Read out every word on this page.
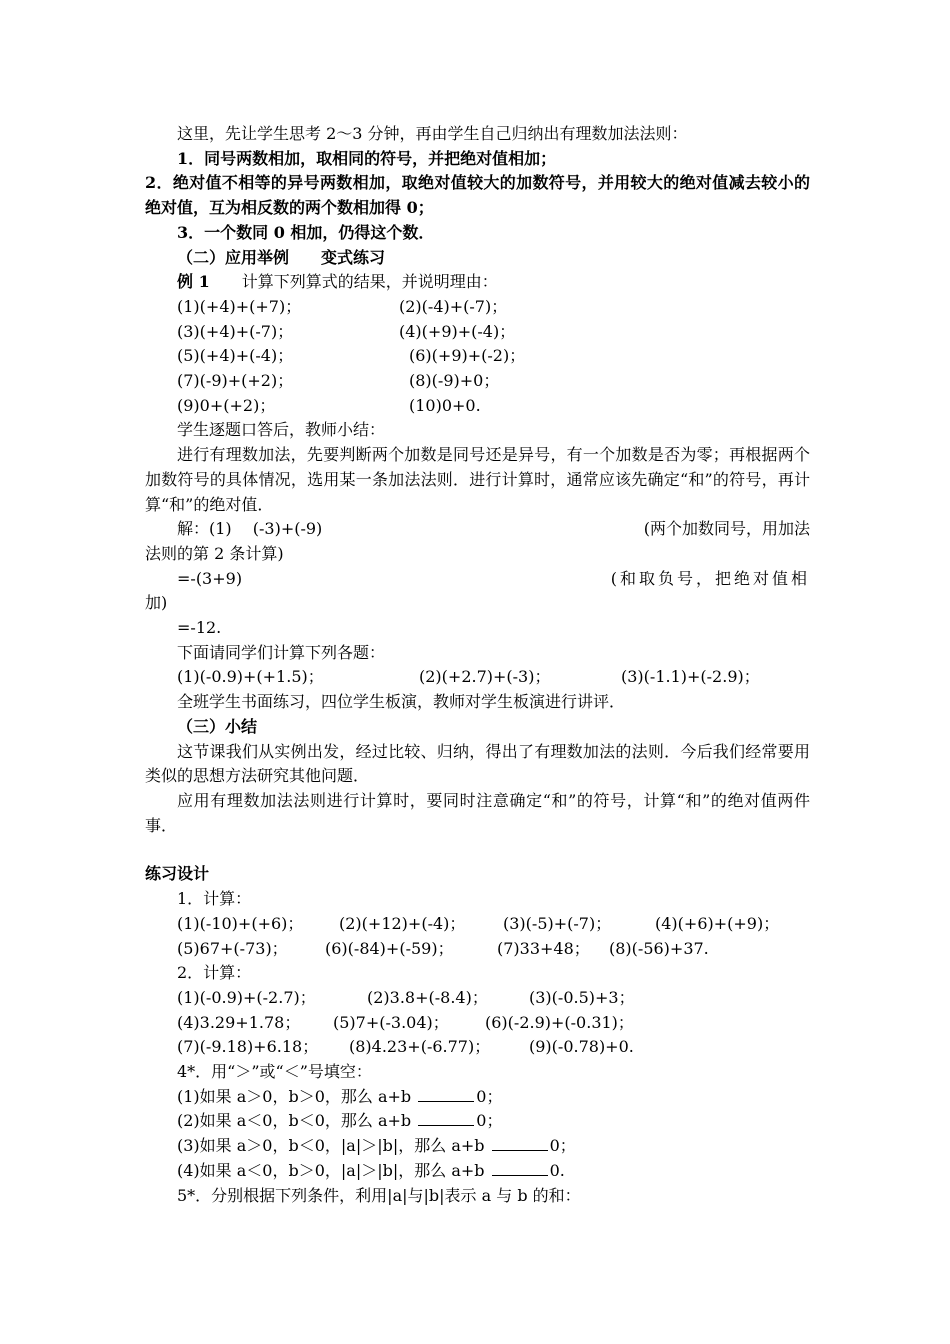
这里，先让学生思考 2～3 分钟，再由学生自己归纳出有理数加法法则：

1．同号两数相加，取相同的符号，并把绝对值相加；

2．绝对值不相等的异号两数相加，取绝对值较大的加数符号，并用较大的绝对值减去较小的绝对值，互为相反数的两个数相加得 0；

3．一个数同 0 相加，仍得这个数．

（二）应用举例　　变式练习

例 1　　 计算下列算式的结果，并说明理由：

(1)(+4)+(+7)；	(2)(-4)+(-7)；
(3)(+4)+(-7)；	(4)(+9)+(-4)；
(5)(+4)+(-4)；	(6)(+9)+(-2)；
(7)(-9)+(+2)；	(8)(-9)+0；
(9)0+(+2)；	(10)0+0.

学生逐题口答后，教师小结：

进行有理数加法，先要判断两个加数是同号还是异号，有一个加数是否为零；再根据两个加数符号的具体情况，选用某一条加法法则．进行计算时，通常应该先确定“和”的符号，再计算“和”的绝对值．

解：(1)　 (-3)+(-9)	(两个加数同号，用加法

法则的第 2 条计算)

=-(3+9)	(和取负号，把绝对值相

加)

=-12.

下面请同学们计算下列各题：

(1)(-0.9)+(+1.5)；	(2)(+2.7)+(-3)；	(3)(-1.1)+(-2.9)；

全班学生书面练习，四位学生板演，教师对学生板演进行讲评．

（三）小结

这节课我们从实例出发，经过比较、归纳，得出了有理数加法的法则．今后我们经常要用类似的思想方法研究其他问题．

应用有理数加法法则进行计算时，要同时注意确定“和”的符号，计算“和”的绝对值两件事．

练习设计

1．计算：

(1)(-10)+(+6)；	(2)(+12)+(-4)；	(3)(-5)+(-7)；	(4)(+6)+(+9)；
(5)67+(-73)；	(6)(-84)+(-59)；	(7)33+48；	(8)(-56)+37.

2．计算：

(1)(-0.9)+(-2.7)；	(2)3.8+(-8.4)；	(3)(-0.5)+3；
(4)3.29+1.78；	(5)7+(-3.04)；	(6)(-2.9)+(-0.31)；
(7)(-9.18)+6.18；	(8)4.23+(-6.77)；	(9)(-0.78)+0.

4*．用“＞”或“＜”号填空：

(1)如果 a＞0，b＞0，那么 a+b	0；
(2)如果 a＜0，b＜0，那么 a+b	0；
(3)如果 a＞0，b＜0，|a|＞|b|，那么 a+b	0；
(4)如果 a＜0，b＞0，|a|＞|b|，那么 a+b	0.

5*．分别根据下列条件，利用|a|与|b|表示 a 与 b 的和：
